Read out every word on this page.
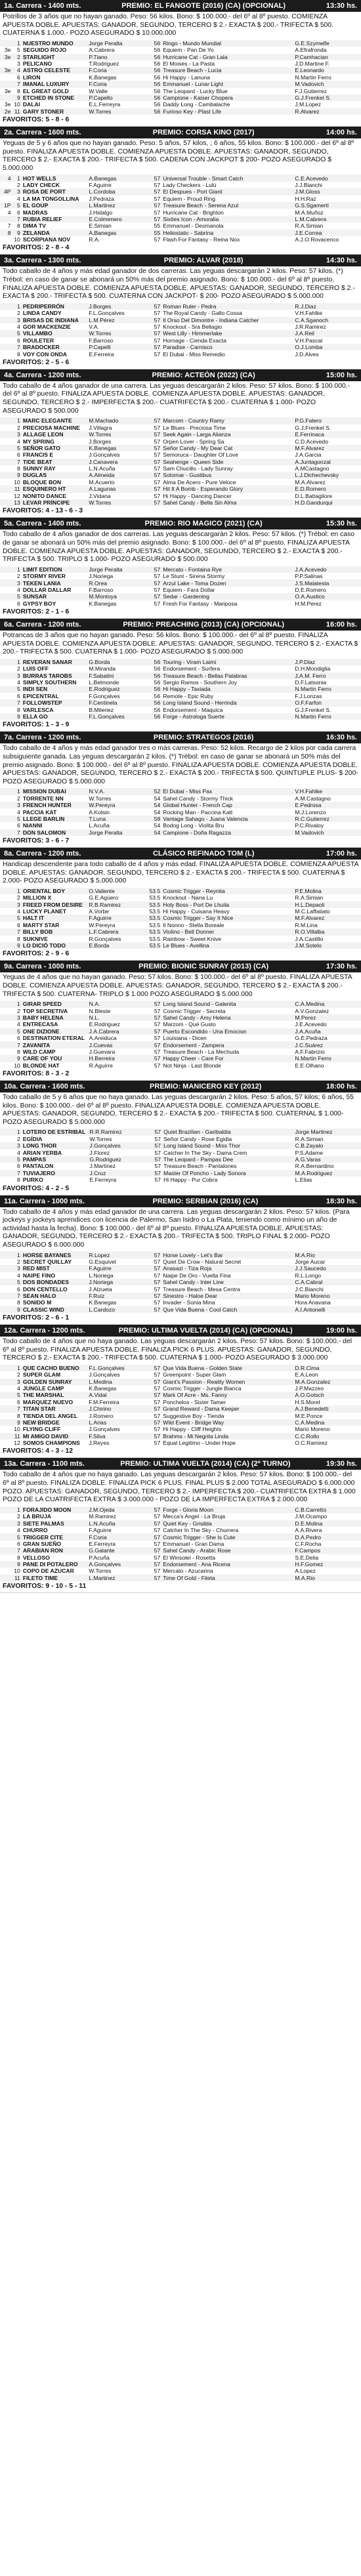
1a. Carrera - 1400 mts.	PREMIO: EL FANGOTE (2016) (CA) (OPCIONAL)	13:30 hs.
Potrillos de 3 años que no hayan ganado. Peso: 56 kilos. Bono: $ 100.000.- del 6º al 8º puesto. COMIENZA APUESTA DOBLE. APUESTAS: GANADOR, SEGUNDO, TERCERO $ 2.- EXACTA $ 200.- TRIFECTA $ 500. CUATERNA $ 1.000.- POZO ASEGURADO $ 10.000.000
	1	NUESTRO MUNDO	Jorge Peralta	56	Ringo - Mundo Mundial	G.E.Szymelfe
3e	5	SEGUIDO ROJO	A.Cabrera	56	Equiem - Pan De Yo	A.Efrafronda
3e	2	STARLIGHT	P.Tiano	56	Hurricane Cat - Gran Lala	P.Camhacian
	3	PELICANO	T.Rodriguez	56	El Moises - La Pasta	J.D.Martine F.
3e	4	ASTRO CELESTE	F.Coria	56	Treasure Beach - Lucia	E.Leonardo
	6	LIRON	K.Banegas	56	Hi Happy - Lanuna	N.Martin Ferro
	7	IMANAL LUXURY	F.Coria	56	Emmanuel - Lunar Light	M.Vadovich
3e	8	EL GREAT GOLD	W.Valle	56	The Leopard - Lucky Blue	F.J.Gutierrez
	9	ETCHED IN STONE	P.Capello	56	Campione - Kaiser Chopera	G.J.Frenkel S.
3e	10	DALAI	E.L.Ferreyra	56	Daddy Long - Cambalache	J.M.Lopez
2e	11	GARY STONER	W.Torres	56	Furioso Key - Plast Life	R.Alvarez
FAVORITOS: 5 - 8 - 6
2a. Carrera - 1600 mts.	PREMIO: CORSA KINO (2017)	14:00 hs.
Yeguas de 5 y 6 años que no hayan ganado. Peso: 5 años, 57 kilos, ; 6 años, 55 kilos. Bono: $ 100.000.- del 6º al 8º puesto. FINALIZA APUESTA DOBLE. COMIENZA APUESTA DOBLE. APUESTAS: GANADOR, SEGUNDO, TERCERO $ 2.- EXACTA $ 200.- TRIFECTA $ 500. CADENA CON JACKPOT $ 200- POZO ASEGURADO $ 5.000.000
4	1	HOT WELLS	A.Banegas	57	Universal Trouble - Smart Catch	C.E.Acevedo
	2	LADY CHECK	F.Aguirre	57	Lady Checkers - Lulú	J.J.Bianchi
4P	3	ROSA DE PORT	L.Cordoba	57	El Despues - Port Giant	J.M.Gloss
	4	LA MA TONGOLLINA	J.Pedraza	57	Equiem - Proud Ring	H.H.Raz
1P	5	EL GOUP	L.Martinez	57	Treasure Beach - Serena Azul	G.S.Sgamerti
4	6	MADRAS	J.Hidalgo	57	Hurricane Cat - Brighton	M.A.Muñoz
	7	RUBIA RELIEF	E.Colmenero	57	Sixties Icon - Amoralia	L.M.Cabrera
7	8	DIMA TV	E.Simian	55	Emmanuel - Desmanola	R.A.Simian
8	9	ZELANDA	A.Banegas	55	Heliostatic - Sabrina	J.E.Correa
	10	SCORPIANA NOV	R.A.	57	Flash For Fantasy - Reina Nox	A.J.O.Rovacenco
FAVORITOS: 2 - 8 - 4
3a. Carrera - 1300 mts.	PREMIO: ALVAR (2018)	14:30 hs.
Todo caballo de 4 años y más edad ganador de dos carreras. Las yeguas descargarán 2 kilos. Peso: 57 kilos. (*) Trébol: en caso de ganar se abonará un 50% más del premio asignado. Bono: $ 100.000.- del 6º al 8º puesto. FINALIZA APUESTA DOBLE. COMIENZA APUESTA DOBLE. APUESTAS: GANADOR, SEGUNDO, TERCERO $ 2.- EXACTA $ 200.- TRIFECTA $ 500. CUATERNA CON JACKPOT- $ 200- POZO ASEGURADO $ 5.000.000
	1	PEDRIPERRÓN	J.Borges	57	Roman Ruler - Pedra	R.J.Diaz
	2	LINDA CANDY	F.L.Gonçalves	57	The Royal Candy - Gallo Cossa	V.H.Fahlke
	3	BRISAS DE INDIANA	L.M.Pérez	57	Il Orso Del Dimontre - Indiana Catcher	C.A.Sganoch
	4	GOR MACKENZIE	V.A.	57	Knockout - Sra Bellagio	J.R.Ramirez
	5	VILLAMBO	W.Torres	57	West Lilly - Himmerlake	J.A.Reil
	6	ROULETER	F.Barroso	57	Hornage - Cienda Exacta	V.H.Pascal
	7	BRADOCKER	P.Capelli	57	Paradise - Carnisco	O.J.Lomba
	8	VOY CON ONDA	E.Ferreira	57	El Dubai - Miss Remedio	J.D.Alves
FAVORITOS: 2 - 5 - 6
4a. Carrera - 1200 mts.	PREMIO: ACTEÓN (2022) (CA)	15:00 hs.
Todo caballo de 4 años ganador de una carrera. Las yeguas descargarán 2 kilos. Peso: 57 kilos. Bono: $ 100.000.- del 6º al 8º puesto. FINALIZA APUESTA DOBLE. COMIENZA APUESTA DOBLE. APUESTAS: GANADOR, SEGUNDO, TERCERO $ 2.- IMPERFECTA $ 200.- CUATRIFECTA $ 200.- CUATERNA $ 1.000- POZO ASEGURADO $ 500.000
	1	MARC ELEGANTE	M.Machado	57	Marcom - Country Ramy	P.G.Falero
	2	PRECIOSA MACHINE	J.Villagra	57	Le Blues - Preciosa Time	G.J.Frenkel S.
	3	ALLAGE LEON	W.Torres	57	Seek Again - Larga Alianza	E.Ferrinaca
	4	MY SPRING	J.Borges	57	Orpen Lover - Spring Sa	C.D.Acevedo
	5	SEÑOR GATO	K.Banegas	57	Señor Candy - My Dear Cat	M.F.Alvarez
	6	FRANCIS E	J.Gonçalves	57	Semoruca - Daughter Of Love	J.A.Garcia
	7	TIDE BEAT	J.Canavera	57	Seahenge - Queen Side	A.Juntagonzal
	8	SUNNY RAY	L.N.Acuña	57	Sam Chucillo - Lady Sunray	A.MCastagno
	9	DUGLAS	A.Almeida	57	Sotomar - Gustibus	L.J.Dichechevsky
	10	BLOQUE BON	M.Acuerto	57	Alma De Acero - Pure Veloce	M.A.Alvarez
	11	ESQUINERO HT	A.Lagunas	57	Hit It A Bomb - Esperando Glory	E.D.Romero
	12	NONITO DANCE	J.Vidana	57	Hi Happy - Dancing Dancer	D.L.Battagliore
	13	LEVAR PRÍNCIPE	W.Torres	57	Sahel Candy - Bella Sin Alma	H.D.Gandurqui
FAVORITOS: 4 - 13 - 6 - 3
5a. Carrera - 1400 mts.	PREMIO: RIO MAGICO (2021) (CA)	15:30 hs.
Todo caballo de 4 años ganador de dos carreras. Las yeguas descargarán 2 kilos. Peso: 57 kilos. (*) Trébol: en caso de ganar se abonará un 50% más del premio asignado. Bono: $ 100.000.- del 6º al 8º puesto. FINALIZA APUESTA DOBLE. COMIENZA APUESTA DOBLE. APUESTAS: GANADOR, SEGUNDO, TERCERO $ 2.- EXACTA $ 200.- TRIFECTA $ 500. TRIPLO $ 1.000- POZO ASEGURADO $ 500.000
	1	LIMIT EDITION	Jorge Peralta	57	Mercato - Fontaina Rye	J.A.Acevedo
	2	STORMY RIVER	J.Noriega	57	Le Stunt - Sirena Stormy	P.P.Salinas
	3	TEKEN LANIA	R.Orea	57	Arzul Lake - Toma Dozen	J.S.Malatesta
	4	DOLLAR DALLAR	F.Barroso	57	Equiem - Fara Dollar	D.E.Romero
	5	SUNSAR	M.Montoya	57	Sedar - Gardening	O.A.Austico
	6	GYPSY BOY	K.Banegas	57	Fresh For Fantasy - Mariposa	H.M.Perez
FAVORITOS: 2 - 1 - 6
6a. Carrera - 1200 mts.	PREMIO: PREACHING (2013) (CA) (OPCIONAL)	16:00 hs.
Potrancas de 3 años que no hayan ganado. Peso: 56 kilos. Bono: $ 100.000.- del 6º al 8º puesto. FINALIZA APUESTA DOBLE. COMIENZA APUESTA DOBLE. APUESTAS: GANADOR, SEGUNDO, TERCERO $ 2.- EXACTA $ 200.- TRIFECTA $ 500. CUATERNA $ 1.000- POZO ASEGURADO $ 5.000.000
	1	REVERAN SANAR	G.Borda	56	Touring - Viram Laimi	J.P.Diaz
	2	LUIS OFF	M.Miranda	56	Endorsement - Surfera	D.H.Mondiglia
	3	BURRAS TAROBS	F.Sabatini	56	Treasure Beach - Bellas Palabras	J.A.M. Ferro
	4	SIMPLY SOUTHERN	L.Belmonde	56	Sergio Ramos - Southern Joy	D.F.Latsonia
	5	INDI SEN	E.Rodriguez	56	Hi Happy - Taxiada	N.Martin Ferro
	6	EPICENTRAL	F.Gonçalves	56	Remote - Epic Ruby	F.J.Lonzas
	7	FOLLOWSTEP	F.Centinela	56	Long Island Sound - Herrinda	O.F.Farfon
	8	VARLESCA	B.Mileriez	56	Endorsement - Maquica	G.J.Frenkel S.
	9	ELLA GO	F.L.Gonçalves	56	Forge - Astrologa Suerte	N.Martin Ferro
FAVORITOS: 1 - 3 - 9
7a. Carrera - 1200 mts.	PREMIO: STRATEGOS (2016)	16:30 hs.
Todo caballo de 4 años y más edad ganador tres o más carreras. Peso: 52 kilos. Recargo de 2 kilos por cada carrera subsiguiente ganada. Las yeguas descargarán 2 kilos. (*) Trébol: en caso de ganar se abonará un 50% más del premio asignado. Bono: $ 100.000.- del 6º al 8º puesto. FINALIZA APUESTA DOBLE. COMIENZA APUESTA DOBLE. APUESTAS: GANADOR, SEGUNDO, TERCERO $ 2.- EXACTA $ 200.- TRIFECTA $ 500. QUINTUPLE PLUS- $ 200- POZO ASEGURADO $ 5.000.000
	1	MISSION DUBAI	N.V.A.	52	El Dubai - Miss Pax	V.H.Fahlke
	2	TORRENTE NN	W.Torres	54	Sahel Candy - Stormy Thick	A.M.Castagno
	3	FRENCH HUNTER	W.Pereyra	54	Global Hunter - French Cap	E.Pedrosa
	4	PACCIA KAT	A.Kolsin	54	Rocking Man - Paccina Katt	M.J.Lorenzo
	5	LLEGE BARLIN	T.Luna	58	Vantage Sahago - Juana Valencia	R.C.Gutierrez
	6	NIANNI	L.Acuña	54	Bodog Long - Violita Bru	P.C.Rivaloy
	7	DON SALOMON	Jorge Peralta	54	Campione - Doña Ragazza	M.Vadovich
FAVORITOS: 3 - 6 - 7
8a. Carrera - 1200 mts.	CLÁSICO REFINADO TOM (L)	17:00 hs.
Handicap descendente para todo caballo de 4 años y más edad. FINALIZA APUESTA DOBLE. COMIENZA APUESTA DOBLE. APUESTAS: GANADOR, SEGUNDO, TERCERO $ 2.- EXACTA $ 200.- TRIFECTA $ 500. CUATERNA $ 2.000- POZO ASEGURADO $ 5.000.000
	1	ORIENTAL BOY	O.Valiente	53.5	Cosmic Trigger - Reynita	P.E.Molina
	2	MILLION X	G.E.Agüero	53.5	Knockout - Nana Lu	R.A.Simian
	3	FREED FROM DESIRE	R.B.Ramirez	53.5	Holy Boss - Port De Lhuila	H.L.Depaoli
	4	LUCKY PLANET	A.Vorbe	53.5	Hi Happy - Cuisana Heavy	M.C.Laffatiato
	5	HALT IT	F.Aguirre	53.5	Cosmic Trigger - Say It Nice	M.F.Alvarez
	6	MARTY STAR	W.Pereyra	53.5	Il Nonno - Stella Boreale	R.M.Lina
	7	BILLY BOB	L.F.Cabrera	53.5	Violino - Bell Donner	R.O.Villalba
	8	SUKNIVE	R.Gonçalves	53.5	Rainbow - Sweet Knive	J.A.Castillo
	9	LO DICIÓ TODO	E.Borda	53.5	Le Blues - Avellina	J.M.Sotelo
FAVORITOS: 2 - 9 - 6
9a. Carrera - 1000 mts.	PREMIO: BIONIC SUNRAY (2013) (CA)	17:30 hs.
Yeguas de 4 años que no hayan ganado. Peso: 57 kilos. Bono: $ 100.000.- del 6º al 8º puesto. FINALIZA APUESTA DOBLE. COMIENZA APUESTA DOBLE. APUESTAS: GANADOR, SEGUNDO, TERCERO $ 2.- EXACTA $ 200.- TRIFECTA $ 500. CUATERNA- TRIPLO $ 1.000 POZO ASEGURADO $ 5.000.000
	1	GIRAR SPEED	N.A.	57	Long Island Sound - Galenita	C.A.Medina
	2	TOP SECRETIVA	N.Bleste	57	Cosmic Trigger - Secreta	A.V.Gonzalez
	3	BABY HELENA	N.L.	57	Sahel Candy - Amy Helena	M.Perez
	4	ENTRECASA	E.Rodriguez	57	Marzom - Qué Gusto	J.E.Acevedo
	5	ONE DIZIONE	J.A.Cabrera	57	Puerto Escondido - Una Emocion	J.A.Acuña
	6	DESTINATION ETERAL	A.Areiduca	57	Louisiana - Dicen	G.E.Pedraza
	7	ZAVANITA	J.Cuevas	57	Endorsement - Zampera	J.C.Suárez
	8	WILD CAMP	J.Guevara	57	Treasure Beach - La Mechuda	A.F.Fabrizio
	9	CARE OF YOU	H.Berreira	57	Happy Cheer - Care For	N.Martin Ferro
	10	BLONDE HAT	R.Aguirre	57	Not Ninja - Last Blonde	E.E.Olhano
FAVORITOS: 8 - 3 - 2
10a. Carrera - 1600 mts.	PREMIO: MANICERO KEY (2012)	18:00 hs.
Todo caballo de 5 y 6 años que no haya ganado. Las yeguas descargarán 2 kilos. Peso: 5 años, 57 kilos; 6 años, 55 kilos. Bono: $ 100.000.- del 6º al 8º puesto. FINALIZA APUESTA DOBLE. COMIENZA APUESTA DOBLE. APUESTAS: GANADOR, SEGUNDO, TERCERO $ 2.- EXACTA $ 200.- TRIFECTA $ 500. CUATERNAL $ 1.000- POZO ASEGURADO $ 5.000.000
	1	LOTERO DE ESTRIBAL	R.R.Ramirez	57	Quiet Brazilian - Garibaldia	Jorge Martinez
	2	EGÍDIA	W.Torres	57	Señor Candy - Rose Egidia	R.A.Simian
	3	LONG THOR	J.Gonçalves	57	Long Island Sound - Miss Thor	C.B.Zayalo
	4	ARIAN YERBA	J.Florez	57	Catcher In The Sky - Dama Crem	P.S.Adame
	5	PAMPAS	G.Rodriguez	57	The Leopard - Pampas Dee	A.G.Varas
	6	PANTALON	J.Martinez	57	Treasure Beach - Pantalones	R.A.Bernardino
	7	TUVIAJERO	J.Cruz	57	Master Of Poncho - Lady Sonora	M.A.Rodriguez
	8	PURKO	E.Ferreyra	57	Hi Happy - Pur Cobra	L.Elias
FAVORITOS: 4 - 2 - 5
11a. Carrera - 1000 mts.	PREMIO: SERBIAN (2016) (CA)	18:30 hs.
Todo caballo de 4 años y más edad ganador de una carrera. Las yeguas descargarán 2 kilos. Peso: 57 kilos. (Para jockeys y jockeys aprendices con licencia de Palermo, San Isidro o La Plata, teniendo como mínimo un año de actividad hasta la fecha). Bono: $ 100.000.- del 6º al 8º puesto. FINALIZA APUESTA DOBLE. APUESTAS: GANADOR, SEGUNDO, TERCERO $ 2.- EXACTA $ 200.- TRIFECTA $ 500. TRIPLO FINAL $ 2.000- POZO ASEGURADO $ 6.000.000
	1	HORSE BAYANES	R.Lopez	57	Horse Lovely - Let's Bar	M.A.Rio
	2	SECRET QUILLAY	G.Esquivel	57	Quiet De Crow - Natural Secret	Jorge Aucar
	3	RED MIST	F.Aguirre	57	Anasazi - Tiza Roja	J.J.Saucedo
	4	NAIPE FINO	L.Noriega	57	Naipe De Oro - Vuelta Fina	R.L.Longo
	5	DOS BONDADES	J.Noriega	57	Sahel Candy - Inter Line	C.A.Cabral
	6	DON CENTELLO	J.Alzueta	57	Treasure Beach - Mesa Centra	J.C.Bianchi
	7	SEAN HALO	F.Ruiz	57	Sinestro - Haloe Dear	Mario Moreno
	8	SONIDO M	K.Banegas	57	Invader - Sonia Mina	Hora Anavana
	9	CLASSIC WIND	L.Cardozo	57	Que Vida Buena - Cool Catch	A.I.Antonelli
FAVORITOS: 2 - 6 - 1
12a. Carrera - 1200 mts.	PREMIO: ULTIMA VUELTA (2014) (CA) (OPCIONAL)	19:00 hs.
Todo caballo de 4 años que no haya ganado. Las yeguas descargarán 2 kilos. Peso: 57 kilos. Bono: $ 100.000.- del 6º al 8º puesto. FINALIZA APUESTA DOBLE. FINALIZA PICK 6 PLUS. APUESTAS: GANADOR, SEGUNDO, TERCERO $ 2.- EXACTA $ 200.- TRIFECTA $ 500. CUATERNA $ 1.000- POZO ASEGURADO $ 3.000.000
	1	QUE CACHO BUENO	F.L.Gonçalves	57	Que Vida Buena - Golden State	D.R.Cima
	2	SUPER GLAM	J.Gonçalves	57	Greenpoint - Super Glam	E.A.Leon
	3	GOLDEN SUNRAY	L.Medina	57	Giant's Passion - Reality Women	M.A.Gonzalez
	4	JUNGLE CAMP	K.Banegas	57	Cosmic Trigger - Jungle Bianca	J.P.Mazzeo
	5	THE MARSHAL	A.Vidal	57	Mark Of Acre - Ms. Fanny	A.O.Gotsch
	6	MARQUEZ NUEVO	F.M.Ferreira	57	Ponchelos - Sister Tamer	H.S.Morel
	7	TITAN STAR	J.Chirino	57	Grand Reward - Dama Keeper	A.J.Benedetti
	8	TIENDA DEL ANGEL	J.Romero	57	Suggestive Boy - Tienda	M.E.Ponce
	9	NEW BRIDGE	L.Arias	57	Wild Event - Bridge Way	C.A.Medina
	10	FLYING CLIFF	J.Gonçalves	57	Hi Happy - Cliff Heights	Mario Moreno
	11	MI AMIGO DAVID	F.Silva	57	Brahms - Mi Negrita Linda	C.C.Rollo
	12	SOMOS CHAMPIONS	J.Reyes	57	Equal Legitimo - Under Hope	O.C.Ramirez
FAVORITOS: 4 - 3 - 12
13a. Carrera - 1100 mts.	PREMIO: ULTIMA VUELTA (2014) (CA) (2º TURNO)	19:30 hs.
Todo caballo de 4 años que no haya ganado. Las yeguas descargarán 2 kilos. Peso: 57 kilos. Bono: $ 100.000.- del 6º al 8º puesto. FINALIZA DOBLE. FINALIZA PICK 6 PLUS. FINAL PLUS $ 2.000 TOTAL ASEGURADO $ 6.000.000 POZO. APUESTAS: GANADOR, SEGUNDO, TERCERO $ 2.- IMPERFECTA $ 200.- CUATRIFECTA EXTRA $ 1.000 POZO DE LA CUATRIFECTA EXTRA $ 3.000.000 - POZO DE LA IMPERFECTA EXTRA $ 2.000.000
	1	FORAJIDO MOON	J.M.Ojeda	57	Forge - Gloria Moon	C.B.Carretto
	2	LA BRUJA	M.Ramirez	57	Mecca's Angel - La Bruja	J.M.Ocampo
	3	SIETE PALMAS	L.N.Acuña	57	Quiet Key - Grisilda	D.E.Molina
	4	CHURRO	F.Aguirre	57	Catcher In The Sky - Churrera	A.A.Rivera
	5	TRIGGER CITE	F.Coria	57	Cosmic Trigger - She Is Cute	D.A.Pedro
	6	GRAN SUEÑO	E.Ferreyra	57	Emmanuel - Gran Dama	C.F.Rocha
	7	ARABIAN RON	G.Galante	57	Sahel Candy - Arabic Rose	F.Campos
	8	VELLOSO	P.Acuña	57	El Winsolei - Rosetta	S.E.Delia
	9	PANE DI POTALERO	A.Gonçalves	57	Endorsement - Ana Ricena	H.F.Gomez
	10	COPO DE AZUCAR	W.Torres	57	Mercato - Azucarina	A.Lopez
	11	FILETO TIME	L.Martinez	57	Time Of Gold - Fileta	M.A.Rio
FAVORITOS: 9 - 10 - 5 - 11
